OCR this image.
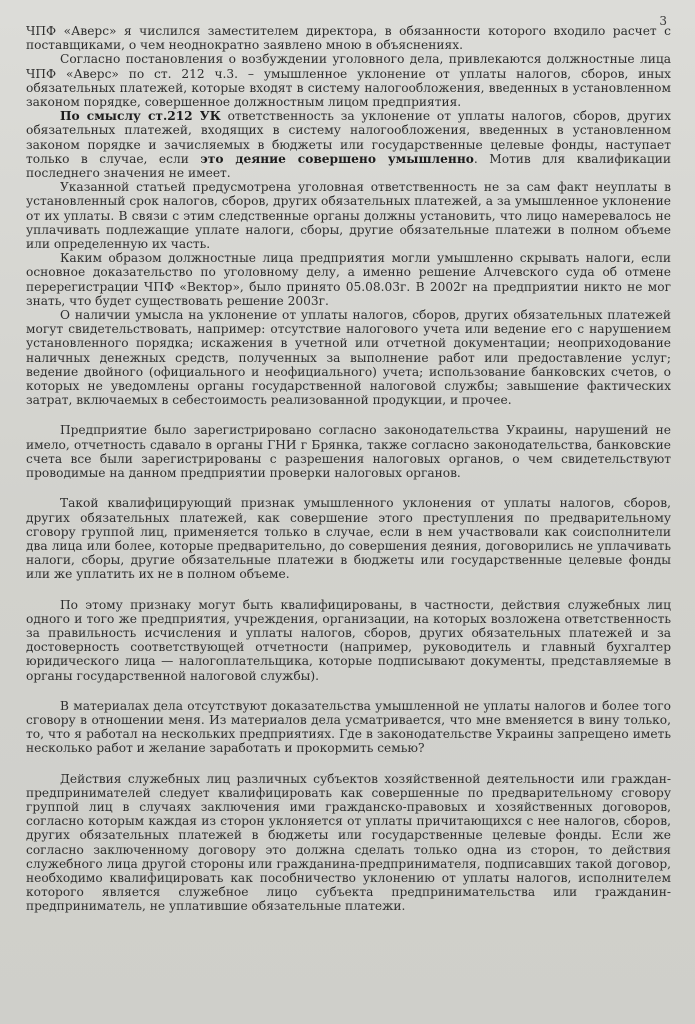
3

ЧПФ «Аверс» я числился заместителем директора, в обязанности которого входило расчет с поставщиками, о чем неоднократно заявлено мною в объяснениях.

Согласно постановления о возбуждении уголовного дела, привлекаются должностные лица ЧПФ «Аверс» по ст. 212 ч.3. – умышленное уклонение от уплаты налогов, сборов, иных обязательных платежей, которые входят в систему налогообложения, введенных в установленном законом порядке, совершенное должностным лицом предприятия.

По смыслу ст.212 УК ответственность за уклонение от уплаты налогов, сборов, других обязательных платежей, входящих в систему налогообложения, введенных в установленном законом порядке и зачисляемых в бюджеты или государственные целевые фонды, наступает только в случае, если это деяние совершено умышленно. Мотив для квалификации последнего значения не имеет.

Указанной статьей предусмотрена уголовная ответственность не за сам факт неуплаты в установленный срок налогов, сборов, других обязательных платежей, а за умышленное уклонение от их уплаты. В связи с этим следственные органы должны установить, что лицо намеревалось не уплачивать подлежащие уплате налоги, сборы, другие обязательные платежи в полном объеме или определенную их часть.

Каким образом должностные лица предприятия могли умышленно скрывать налоги, если основное доказательство по уголовному делу, а именно решение Алчевского суда об отмене перерегистрации ЧПФ «Вектор», было принято 05.08.03г. В 2002г на предприятии никто не мог знать, что будет существовать решение 2003г.

О наличии умысла на уклонение от уплаты налогов, сборов, других обязательных платежей могут свидетельствовать, например: отсутствие налогового учета или ведение его с нарушением установленного порядка; искажения в учетной или отчетной документации; неоприходование наличных денежных средств, полученных за выполнение работ или предоставление услуг; ведение двойного (официального и неофициального) учета; использование банковских счетов, о которых не уведомлены органы государственной налоговой службы; завышение фактических затрат, включаемых в себестоимость реализованной продукции, и прочее.

Предприятие было зарегистрировано согласно законодательства Украины, нарушений не имело, отчетность сдавало в органы ГНИ г Брянка, также согласно законодательства, банковские счета все были зарегистрированы с разрешения налоговых органов, о чем свидетельствуют проводимые на данном предприятии проверки налоговых органов.

Такой квалифицирующий признак умышленного уклонения от уплаты налогов, сборов, других обязательных платежей, как совершение этого преступления по предварительному сговору группой лиц, применяется только в случае, если в нем участвовали как соисполнители два лица или более, которые предварительно, до совершения деяния, договорились не уплачивать налоги, сборы, другие обязательные платежи в бюджеты или государственные целевые фонды или же уплатить их не в полном объеме.

По этому признаку могут быть квалифицированы, в частности, действия служебных лиц одного и того же предприятия, учреждения, организации, на которых возложена ответственность за правильность исчисления и уплаты налогов, сборов, других обязательных платежей и за достоверность соответствующей отчетности (например, руководитель и главный бухгалтер юридического лица — налогоплательщика, которые подписывают документы, представляемые в органы государственной налоговой службы).

В материалах дела отсутствуют доказательства умышленной не уплаты налогов и более того сговору в отношении меня. Из материалов дела усматривается, что мне вменяется в вину только, то, что я работал на нескольких предприятиях. Где в законодательстве Украины запрещено иметь несколько работ и желание заработать и прокормить семью?

Действия служебных лиц различных субъектов хозяйственной деятельности или граждан-предпринимателей следует квалифицировать как совершенные по предварительному сговору группой лиц в случаях заключения ими гражданско-правовых и хозяйственных договоров, согласно которым каждая из сторон уклоняется от уплаты причитающихся с нее налогов, сборов, других обязательных платежей в бюджеты или государственные целевые фонды. Если же согласно заключенному договору это должна сделать только одна из сторон, то действия служебного лица другой стороны или гражданина-предпринимателя, подписавших такой договор, необходимо квалифицировать как пособничество уклонению от уплаты налогов, исполнителем которого является служебное лицо субъекта предпринимательства или гражданин-предприниматель, не уплатившие обязательные платежи.
